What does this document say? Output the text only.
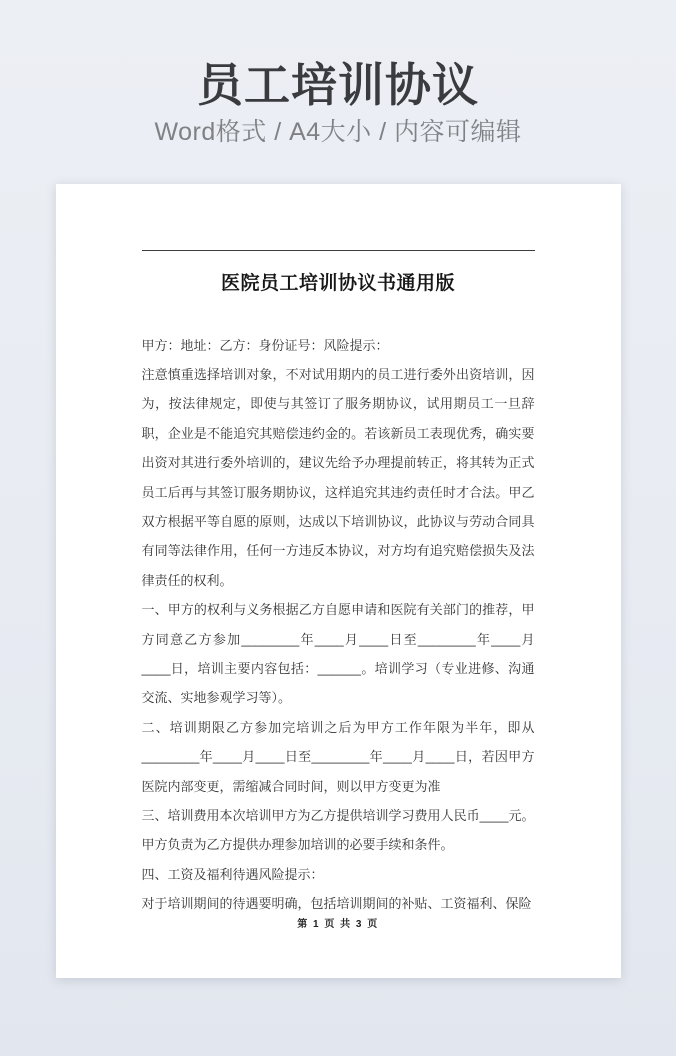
员工培训协议
Word格式 / A4大小 / 内容可编辑
医院员工培训协议书通用版

甲方：地址：乙方：身份证号：风险提示：

注意慎重选择培训对象，不对试用期内的员工进行委外出资培训，因为，按法律规定，即使与其签订了服务期协议，试用期员工一旦辞职，企业是不能追究其赔偿违约金的。若该新员工表现优秀，确实要出资对其进行委外培训的，建议先给予办理提前转正，将其转为正式员工后再与其签订服务期协议，这样追究其违约责任时才合法。甲乙双方根据平等自愿的原则，达成以下培训协议，此协议与劳动合同具有同等法律作用，任何一方违反本协议，对方均有追究赔偿损失及法律责任的权利。

一、甲方的权利与义务根据乙方自愿申请和医院有关部门的推荐，甲方同意乙方参加________年____月____日至________年____月____日，培训主要内容包括：______。培训学习（专业进修、沟通交流、实地参观学习等）。

二、培训期限乙方参加完培训之后为甲方工作年限为半年，即从________年____月____日至________年____月____日，若因甲方医院内部变更，需缩减合同时间，则以甲方变更为准

三、培训费用本次培训甲方为乙方提供培训学习费用人民币____元。甲方负责为乙方提供办理参加培训的必要手续和条件。

四、工资及福利待遇风险提示：

对于培训期间的待遇要明确，包括培训期间的补贴、工资福利、保险

第 1 页 共 3 页
